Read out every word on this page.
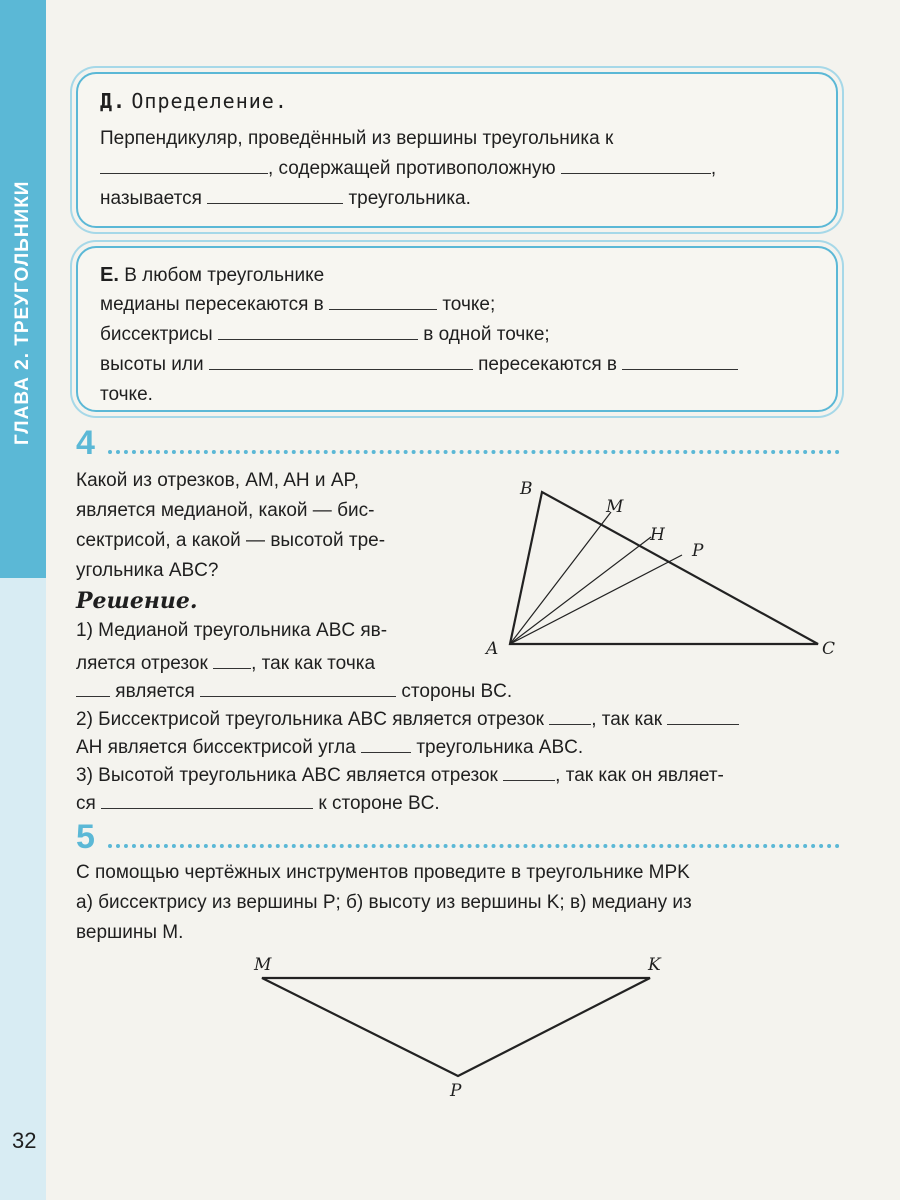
ГЛАВА 2. ТРЕУГОЛЬНИКИ
32
Д. Определение.
Перпендикуляр, проведённый из вершины треугольника к
, содержащей противоположную	,
называется	треугольника.
Е. В любом треугольнике
медианы пересекаются в	точке;
биссектрисы	в одной точке;
высоты или	пересекаются в
точке.
4
Какой из отрезков, AM, AH и AP,
является медианой, какой — бис-
сектрисой, а какой — высотой тре-
угольника ABC?
Решение.
1) Медианой треугольника ABC яв-
ляется отрезок , так как точка
является	стороны BC.
2) Биссектрисой треугольника ABC является отрезок , так как
AH является биссектрисой угла	треугольника ABC.
3) Высотой треугольника ABC является отрезок	, так как он являет-
ся	к стороне BC.
A
B
C
M
H
P
5
С помощью чертёжных инструментов проведите в треугольнике MPK
а) биссектрису из вершины P; б) высоту из вершины K; в) медиану из
вершины M.
M	K
P
